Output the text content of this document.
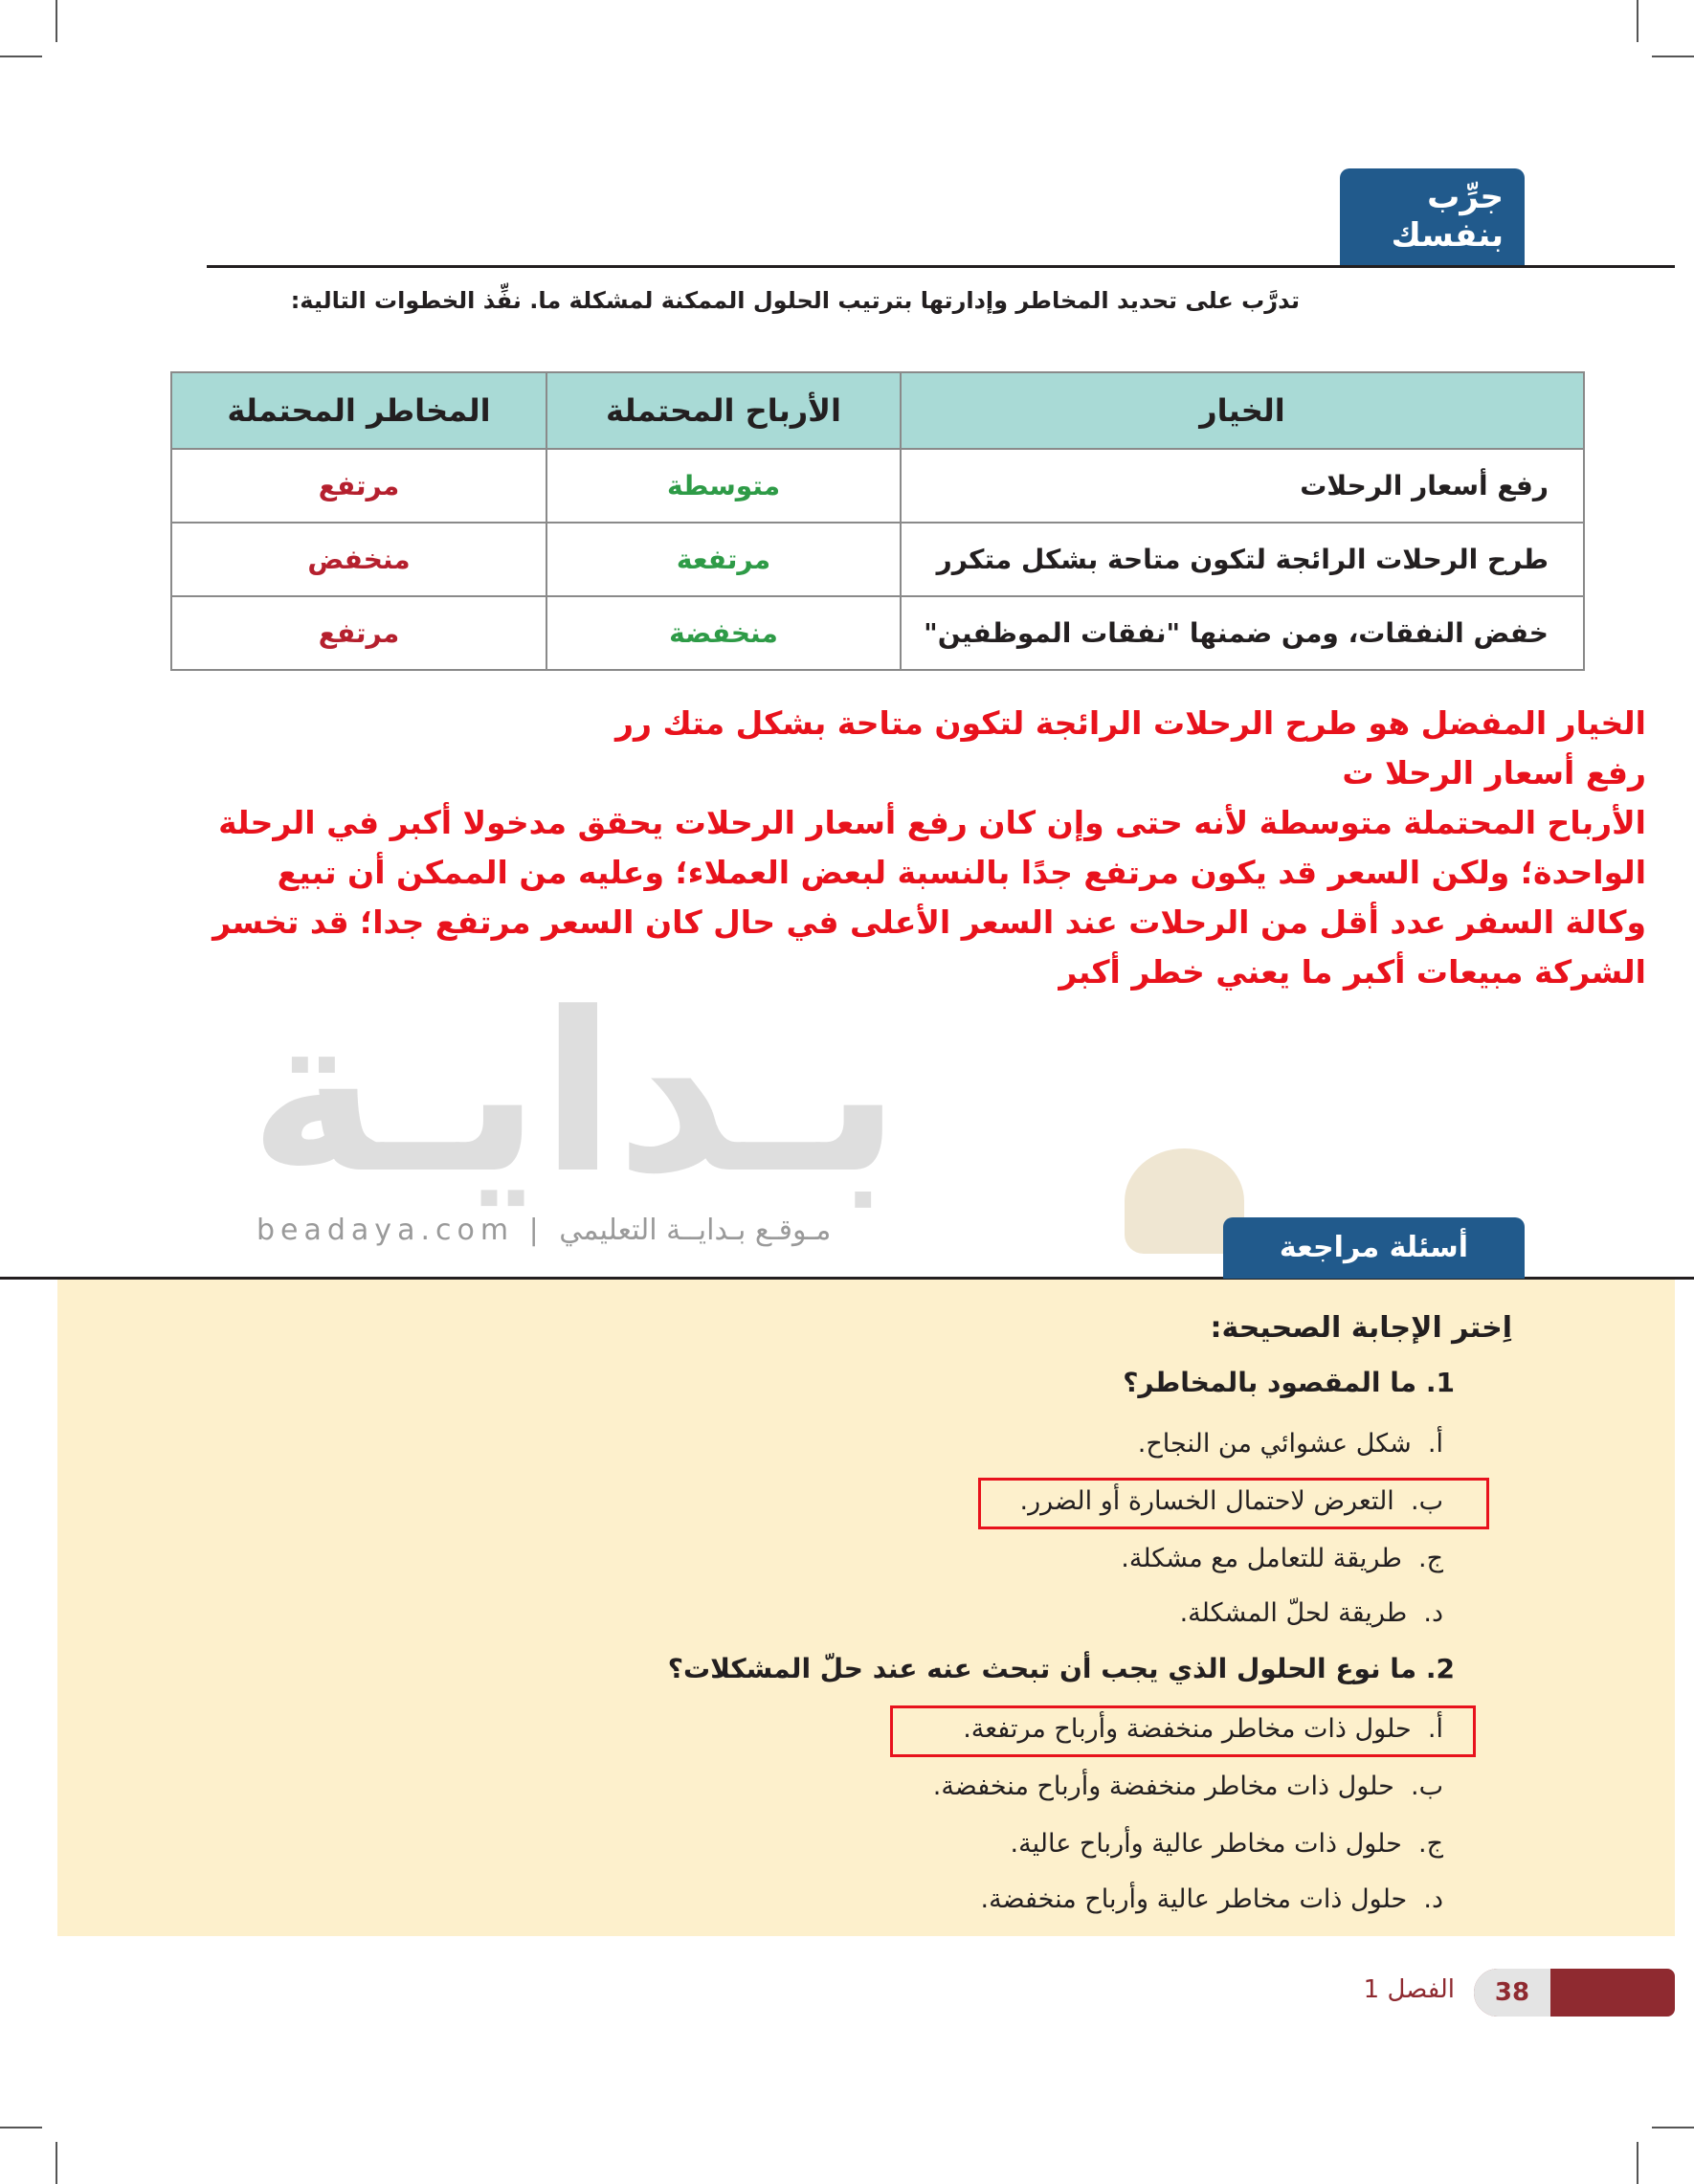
بـدايـة
beadaya.com | مـوقـع بـدايــة التعليمي
جرِّب
بنفسك
تدرَّب على تحديد المخاطر وإدارتها بترتيب الحلول الممكنة لمشكلة ما. نفِّذ الخطوات التالية:
الخيار	الأرباح المحتملة	المخاطر المحتملة
رفع أسعار الرحلات	متوسطة	مرتفع
طرح الرحلات الرائجة لتكون متاحة بشكل متكرر	مرتفعة	منخفض
خفض النفقات، ومن ضمنها "نفقات الموظفين"	منخفضة	مرتفع

الخيار المفضل هو طرح الرحلات الرائجة لتكون متاحة بشكل متك رر

رفع أسعار الرحلا ت

الأرباح المحتملة متوسطة لأنه حتى وإن كان رفع أسعار الرحلات يحقق مدخولا أكبر في الرحلة الواحدة؛ ولكن السعر قد يكون مرتفع جدًا بالنسبة لبعض العملاء؛ وعليه من الممكن أن تبيع وكالة السفر عدد أقل من الرحلات عند السعر الأعلى في حال كان السعر مرتفع جدا؛ قد تخسر الشركة مبيعات أكبر ما يعني خطر أكبر

أسئلة مراجعة
اِختر الإجابة الصحيحة:
1. ما المقصود بالمخاطر؟
أ.  شكل عشوائي من النجاح.
ب.  التعرض لاحتمال الخسارة أو الضرر.
ج.  طريقة للتعامل مع مشكلة.
د.  طريقة لحلّ المشكلة.
2. ما نوع الحلول الذي يجب أن تبحث عنه عند حلّ المشكلات؟
أ.  حلول ذات مخاطر منخفضة وأرباح مرتفعة.
ب.  حلول ذات مخاطر منخفضة وأرباح منخفضة.
ج.  حلول ذات مخاطر عالية وأرباح عالية.
د.  حلول ذات مخاطر عالية وأرباح منخفضة.
38
الفصل 1
